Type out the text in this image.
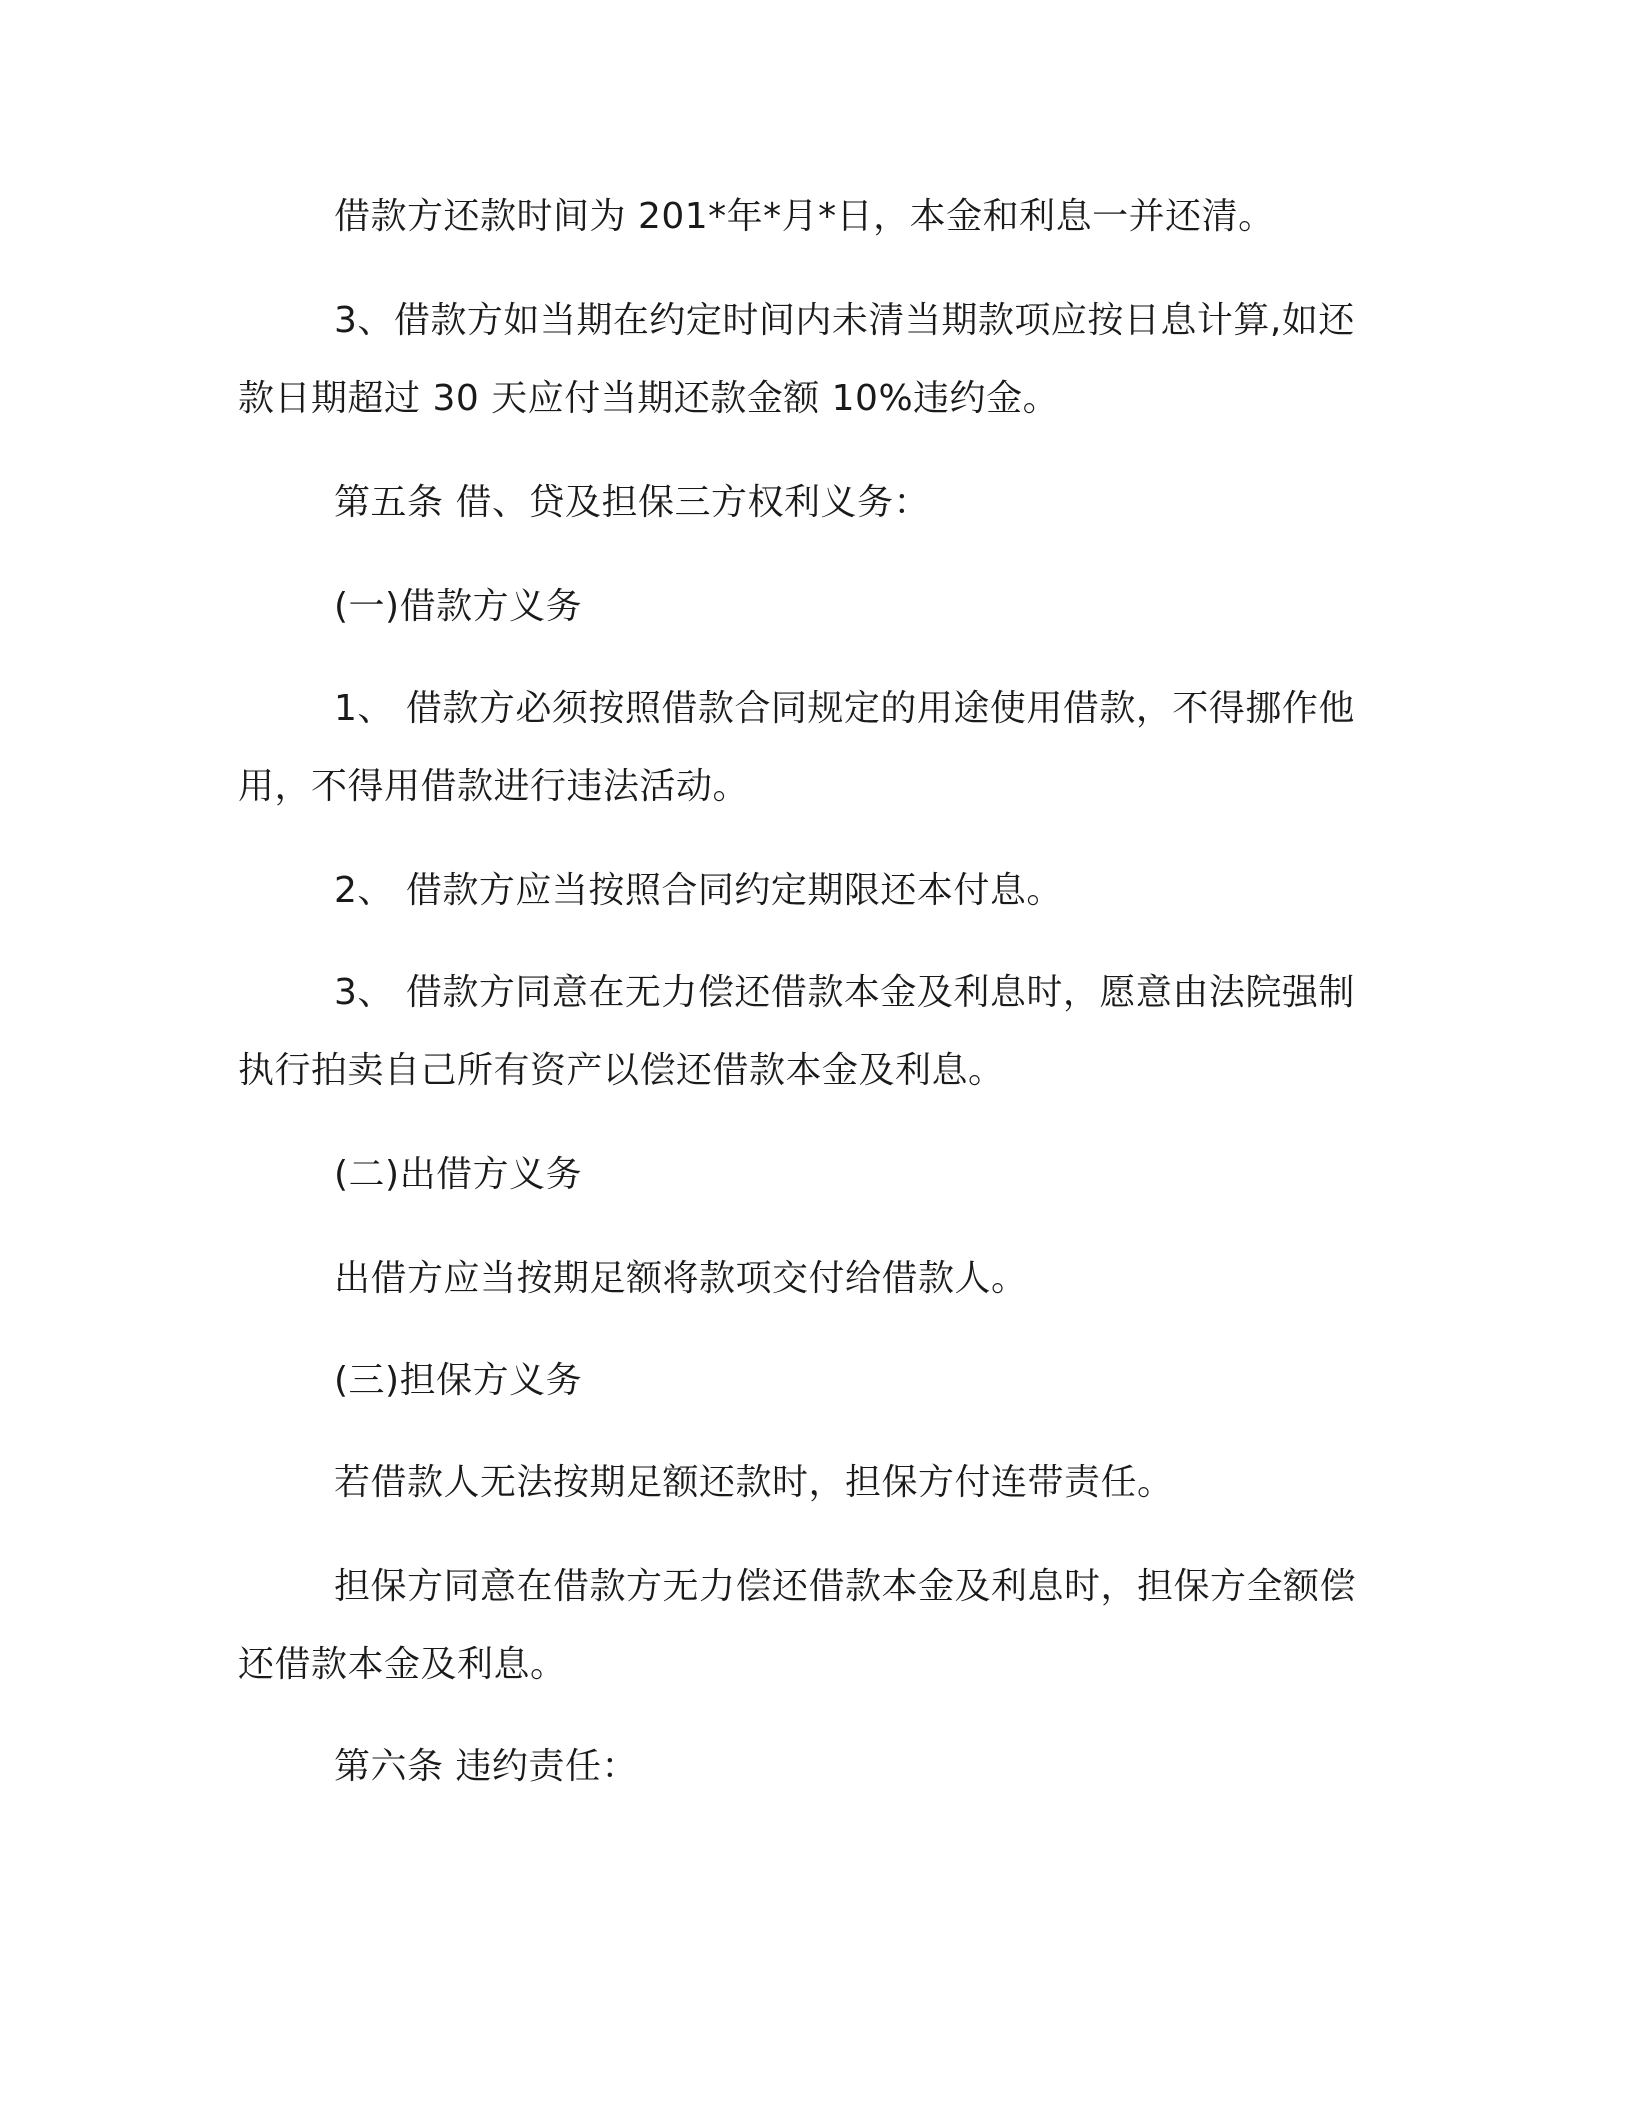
借款方还款时间为 201*年*月*日，本金和利息一并还清。
3、借款方如当期在约定时间内未清当期款项应按日息计算,如还
款日期超过 30 天应付当期还款金额 10%违约金。
第五条 借、贷及担保三方权利义务：
(一)借款方义务
1、 借款方必须按照借款合同规定的用途使用借款，不得挪作他
用，不得用借款进行违法活动。
2、 借款方应当按照合同约定期限还本付息。
3、 借款方同意在无力偿还借款本金及利息时，愿意由法院强制
执行拍卖自己所有资产以偿还借款本金及利息。
(二)出借方义务
出借方应当按期足额将款项交付给借款人。
(三)担保方义务
若借款人无法按期足额还款时，担保方付连带责任。
担保方同意在借款方无力偿还借款本金及利息时，担保方全额偿
还借款本金及利息。
第六条 违约责任：
